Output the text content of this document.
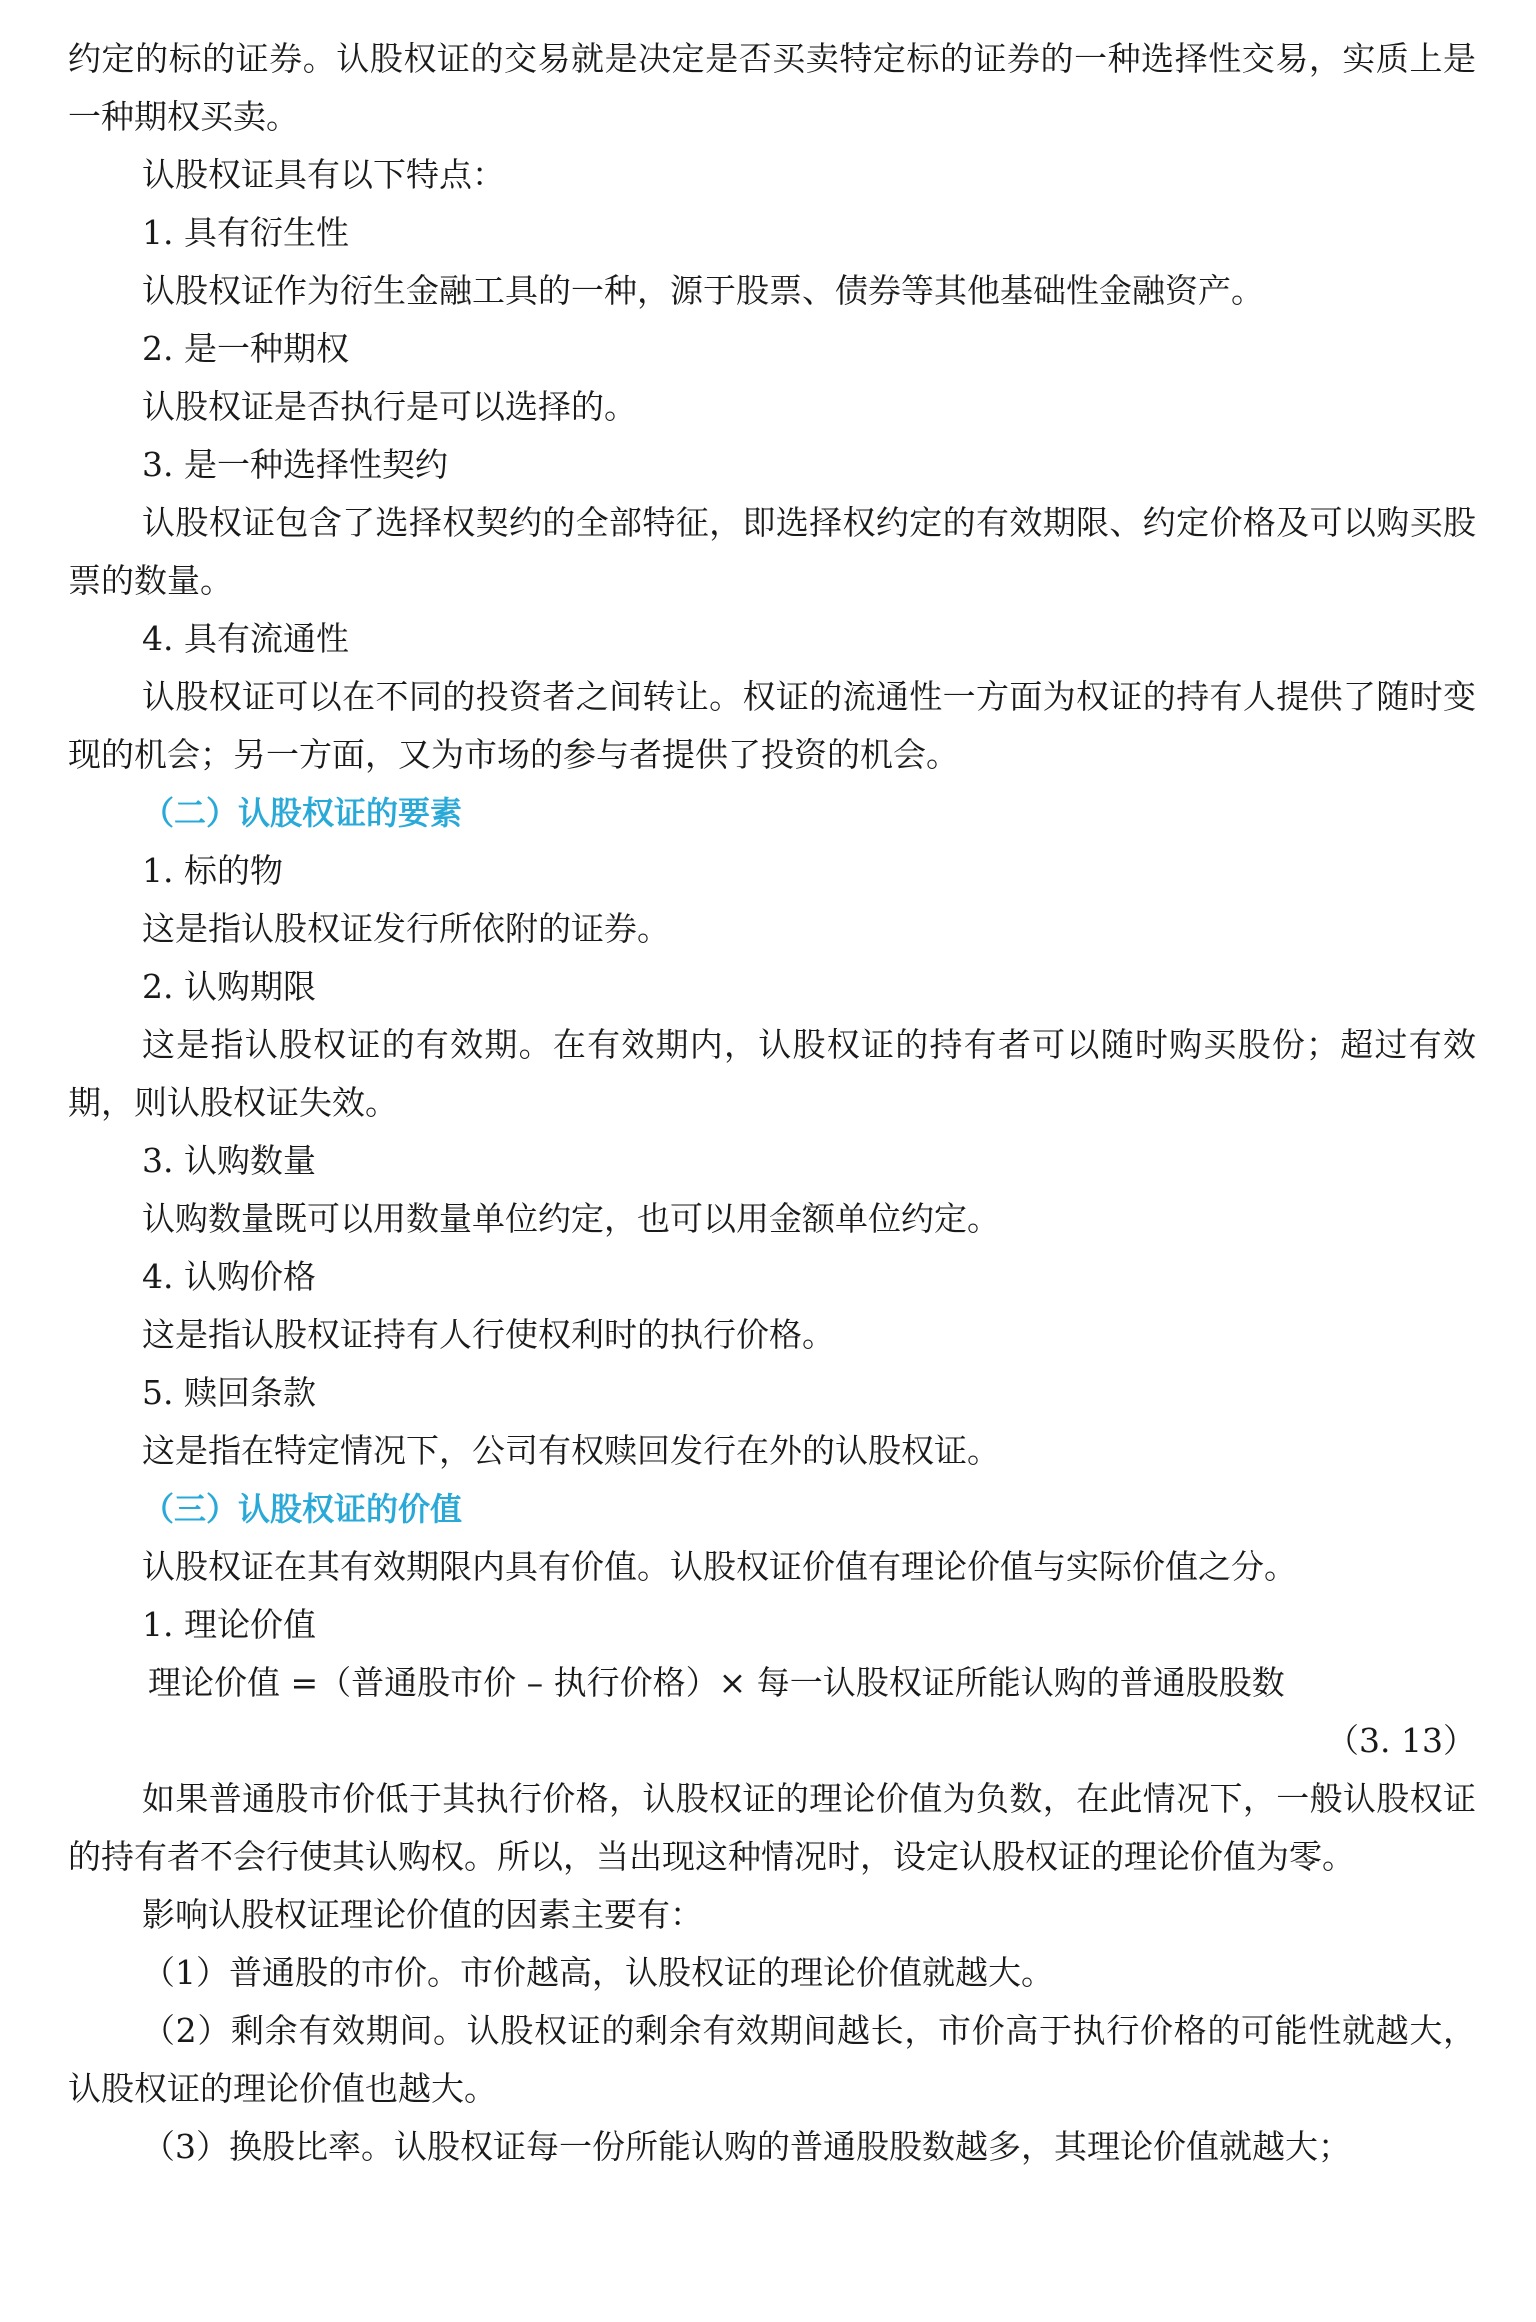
约定的标的证券。认股权证的交易就是决定是否买卖特定标的证券的一种选择性交易，实质上是一种期权买卖。

认股权证具有以下特点：

1. 具有衍生性

认股权证作为衍生金融工具的一种，源于股票、债券等其他基础性金融资产。

2. 是一种期权

认股权证是否执行是可以选择的。

3. 是一种选择性契约

认股权证包含了选择权契约的全部特征，即选择权约定的有效期限、约定价格及可以购买股票的数量。

4. 具有流通性

认股权证可以在不同的投资者之间转让。权证的流通性一方面为权证的持有人提供了随时变现的机会；另一方面，又为市场的参与者提供了投资的机会。

（二）认股权证的要素

1. 标的物

这是指认股权证发行所依附的证券。

2. 认购期限

这是指认股权证的有效期。在有效期内，认股权证的持有者可以随时购买股份；超过有效期，则认股权证失效。

3. 认购数量

认购数量既可以用数量单位约定，也可以用金额单位约定。

4. 认购价格

这是指认股权证持有人行使权利时的执行价格。

5. 赎回条款

这是指在特定情况下，公司有权赎回发行在外的认股权证。

（三）认股权证的价值

认股权证在其有效期限内具有价值。认股权证价值有理论价值与实际价值之分。

1. 理论价值

理论价值 =（普通股市价 – 执行价格）× 每一认股权证所能认购的普通股股数

（3. 13）

如果普通股市价低于其执行价格，认股权证的理论价值为负数，在此情况下，一般认股权证的持有者不会行使其认购权。所以，当出现这种情况时，设定认股权证的理论价值为零。

影响认股权证理论价值的因素主要有：

（1）普通股的市价。市价越高，认股权证的理论价值就越大。

（2）剩余有效期间。认股权证的剩余有效期间越长，市价高于执行价格的可能性就越大，认股权证的理论价值也越大。

（3）换股比率。认股权证每一份所能认购的普通股股数越多，其理论价值就越大；
